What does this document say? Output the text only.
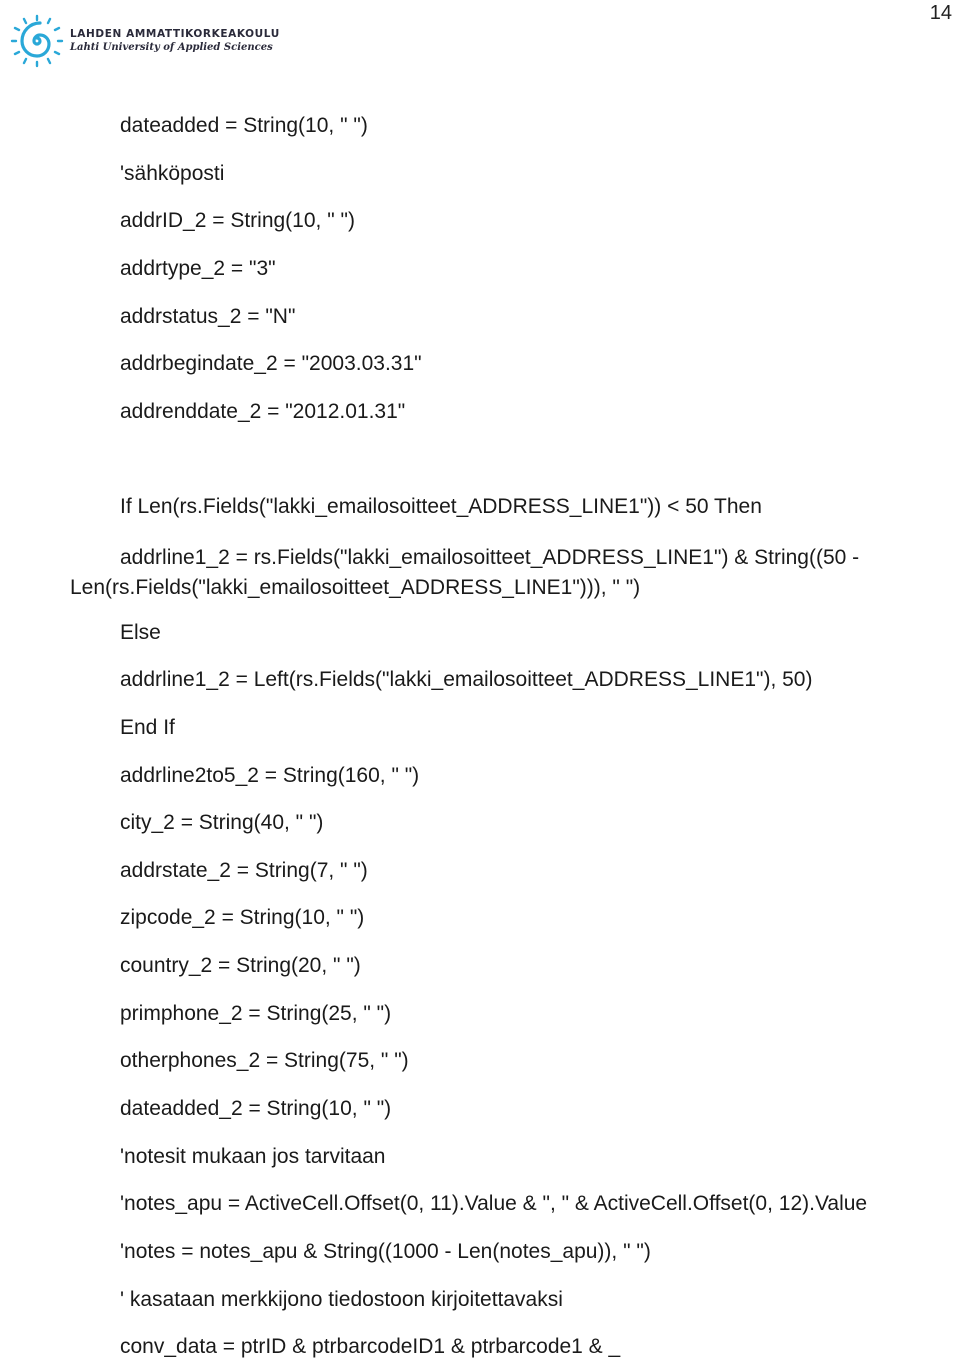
14
LAHDEN AMMATTIKORKEAKOULU
Lahti University of Applied Sciences
dateadded = String(10, " ")
'sähköposti
addrID_2 = String(10, " ")
addrtype_2 = "3"
addrstatus_2 = "N"
addrbegindate_2 = "2003.03.31"
addrenddate_2 = "2012.01.31"
If Len(rs.Fields("lakki_emailosoitteet_ADDRESS_LINE1")) < 50 Then
addrline1_2 = rs.Fields("lakki_emailosoitteet_ADDRESS_LINE1") & String((50 - Len(rs.Fields("lakki_emailosoitteet_ADDRESS_LINE1"))), " ")
Else
addrline1_2 = Left(rs.Fields("lakki_emailosoitteet_ADDRESS_LINE1"), 50)
End If
addrline2to5_2 = String(160, " ")
city_2 = String(40, " ")
addrstate_2 = String(7, " ")
zipcode_2 = String(10, " ")
country_2 = String(20, " ")
primphone_2 = String(25, " ")
otherphones_2 = String(75, " ")
dateadded_2 = String(10, " ")
'notesit mukaan jos tarvitaan
'notes_apu = ActiveCell.Offset(0, 11).Value & ", " & ActiveCell.Offset(0, 12).Value
'notes = notes_apu & String((1000 - Len(notes_apu)), " ")
' kasataan merkkijono tiedostoon kirjoitettavaksi
conv_data = ptrID & ptrbarcodeID1 & ptrbarcode1 & _
